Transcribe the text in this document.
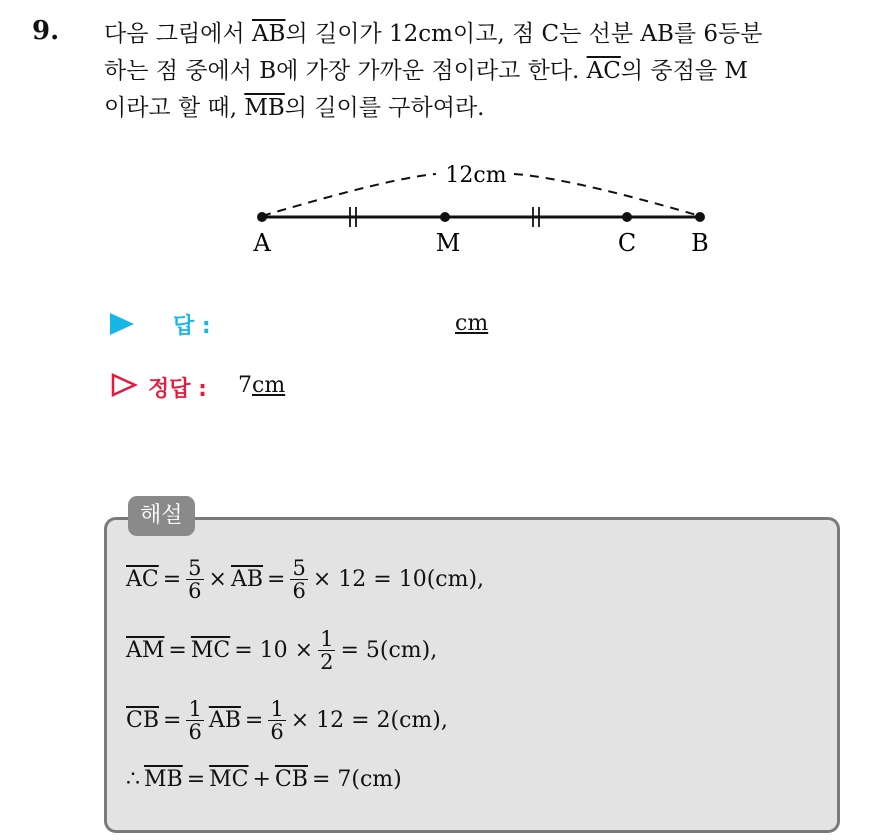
9. 다음 그림에서 $\overline{AB}$의 길이가 12cm이고, 점 C는 선분 AB를 6등분
하는 점 중에서 B에 가장 가까운 점이라고 한다. $\overline{AC}$의 중점을 M
이라고 할 때, $\overline{MB}$의 길이를 구하여라.
12cm
A	M	C B
답 :	cm
정답 : 7cm
해설
$\overline{AC} = \frac{5}{6} \times \overline{AB} = \frac{5}{6} \times 12 = 10(cm)$,
$\overline{AM} = \overline{MC} = 10 \times \frac{1}{2} = 5(cm)$,
$\overline{CB} = \frac{1}{6} \overline{AB} = \frac{1}{6} \times 12 = 2(cm)$,
∴ $\overline{MB} = \overline{MC} + \overline{CB} = 7(cm)$
